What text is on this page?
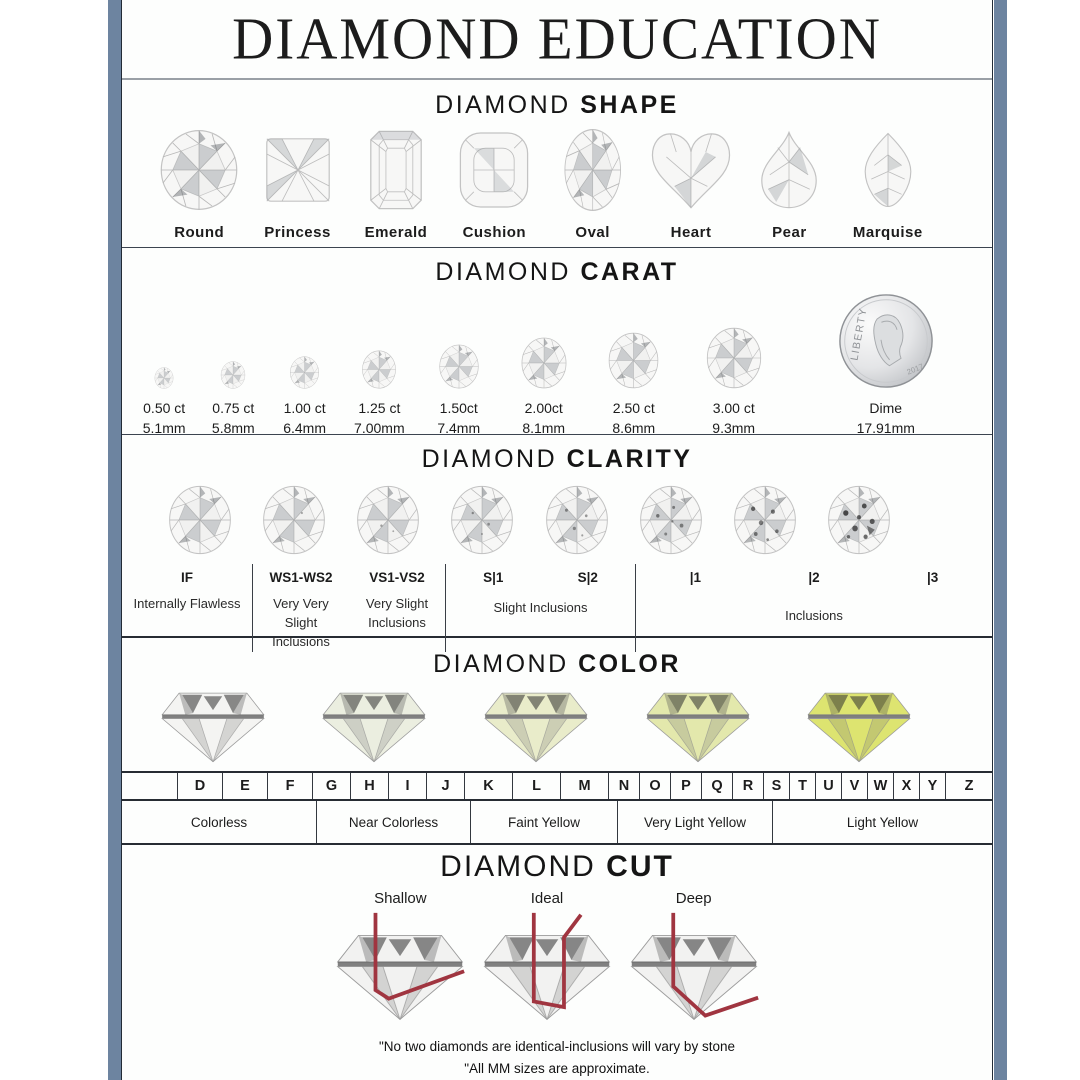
DIAMOND EDUCATION
DIAMOND SHAPE
Round	Princess Emerald Cushion	Oval	Heart	Pear	Marquise
DIAMOND CARAT
0.50 ct
5.1mm
0.75 ct
5.8mm
1.00 ct
6.4mm
1.25 ct
7.00mm
1.50ct
7.4mm
2.00ct
8.1mm
2.50 ct
8.6mm
3.00 ct
9.3mm
LIBERTY
2017
Dime
17.91mm
DIAMOND CLARITY
IF
Internally Flawless
WS1-WS2
Very Very Slight Inclusions
VS1-VS2
Very Slight Inclusions
S|1	S|2
Slight Inclusions
|1	|2	|3
Inclusions
DIAMOND COLOR
D	E	F	G	H	I	J	K	L	M	N	O	P	Q	R	S	T	U	V W X	Y	Z
Colorless	Near Colorless	Faint Yellow	Very Light Yellow	Light Yellow
DIAMOND CUT
Shallow	Ideal	Deep
"No two diamonds are identical-inclusions will vary by stone
"All MM sizes are approximate.
